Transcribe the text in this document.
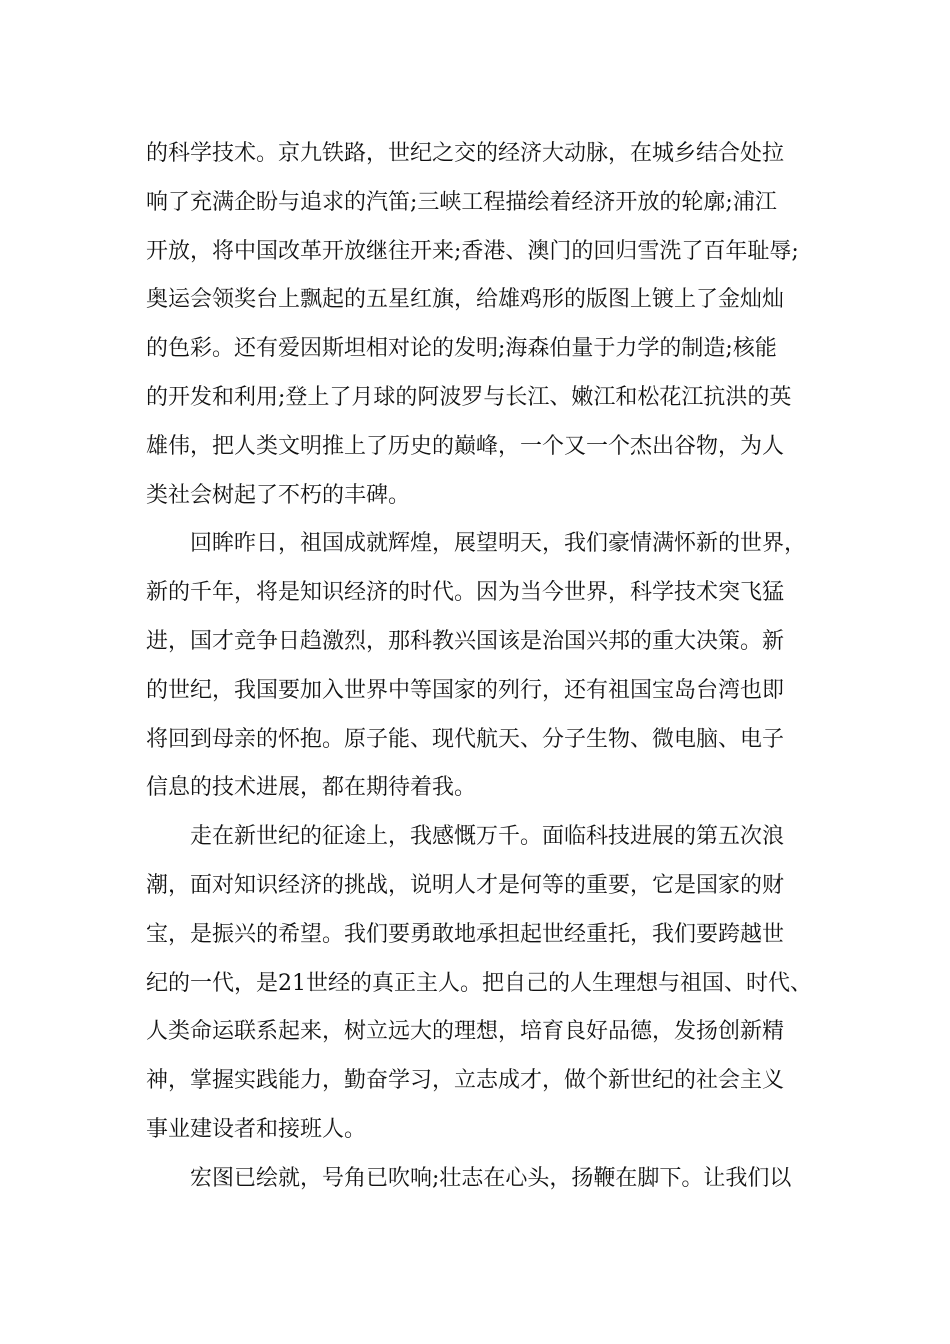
的科学技术。京九铁路，世纪之交的经济大动脉，在城乡结合处拉

响了充满企盼与追求的汽笛;三峡工程描绘着经济开放的轮廓;浦江

开放，将中国改革开放继往开来;香港、澳门的回归雪洗了百年耻辱;

奥运会领奖台上飘起的五星红旗，给雄鸡形的版图上镀上了金灿灿

的色彩。还有爱因斯坦相对论的发明;海森伯量于力学的制造;核能

的开发和利用;登上了月球的阿波罗与长江、嫩江和松花江抗洪的英

雄伟，把人类文明推上了历史的巅峰，一个又一个杰出谷物，为人

类社会树起了不朽的丰碑。

　　回眸昨日，祖国成就辉煌，展望明天，我们豪情满怀新的世界，

新的千年，将是知识经济的时代。因为当今世界，科学技术突飞猛

进，国才竞争日趋激烈，那科教兴国该是治国兴邦的重大决策。新

的世纪，我国要加入世界中等国家的列行，还有祖国宝岛台湾也即

将回到母亲的怀抱。原子能、现代航天、分子生物、微电脑、电子

信息的技术进展，都在期待着我。

　　走在新世纪的征途上，我感慨万千。面临科技进展的第五次浪

潮，面对知识经济的挑战，说明人才是何等的重要，它是国家的财

宝，是振兴的希望。我们要勇敢地承担起世经重托，我们要跨越世

纪的一代，是21世经的真正主人。把自己的人生理想与祖国、时代、

人类命运联系起来，树立远大的理想，培育良好品德，发扬创新精

神，掌握实践能力，勤奋学习，立志成才，做个新世纪的社会主义

事业建设者和接班人。

　　宏图已绘就，号角已吹响;壮志在心头，扬鞭在脚下。让我们以
